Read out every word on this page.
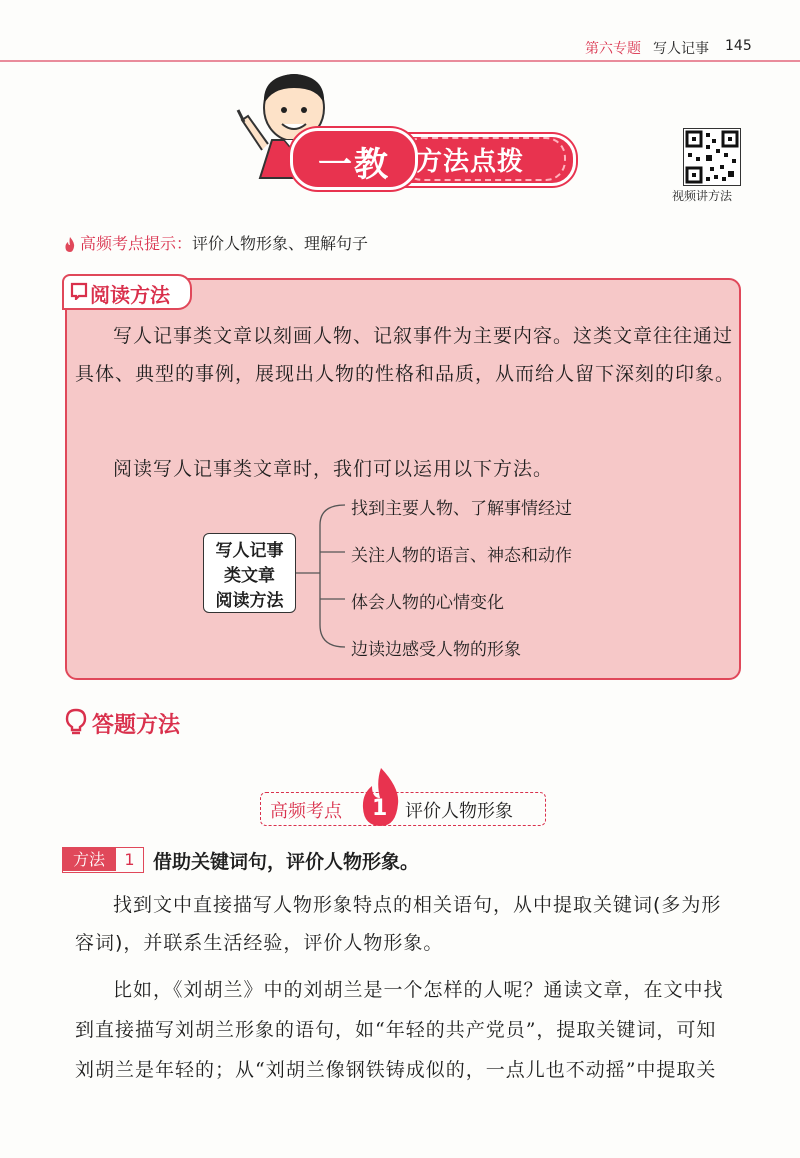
第六专题 写人记事 145
一教	方法点拨
视频讲方法
高频考点提示：评价人物形象、理解句子
阅读方法
写人记事类文章以刻画人物、记叙事件为主要内容。这类文章往往通过具体、典型的事例，展现出人物的性格和品质，从而给人留下深刻的印象。
阅读写人记事类文章时，我们可以运用以下方法。
写人记事
类文章
阅读方法
找到主要人物、了解事情经过
关注人物的语言、神态和动作
体会人物的心情变化
边读边感受人物的形象
答题方法
高频考点 1 评价人物形象
方法	1 借助关键词句，评价人物形象。
找到文中直接描写人物形象特点的相关语句，从中提取关键词(多为形容词)，并联系生活经验，评价人物形象。
比如，《刘胡兰》中的刘胡兰是一个怎样的人呢？通读文章，在文中找到直接描写刘胡兰形象的语句，如“年轻的共产党员”，提取关键词，可知刘胡兰是年轻的；从“刘胡兰像钢铁铸成似的，一点儿也不动摇”中提取关
